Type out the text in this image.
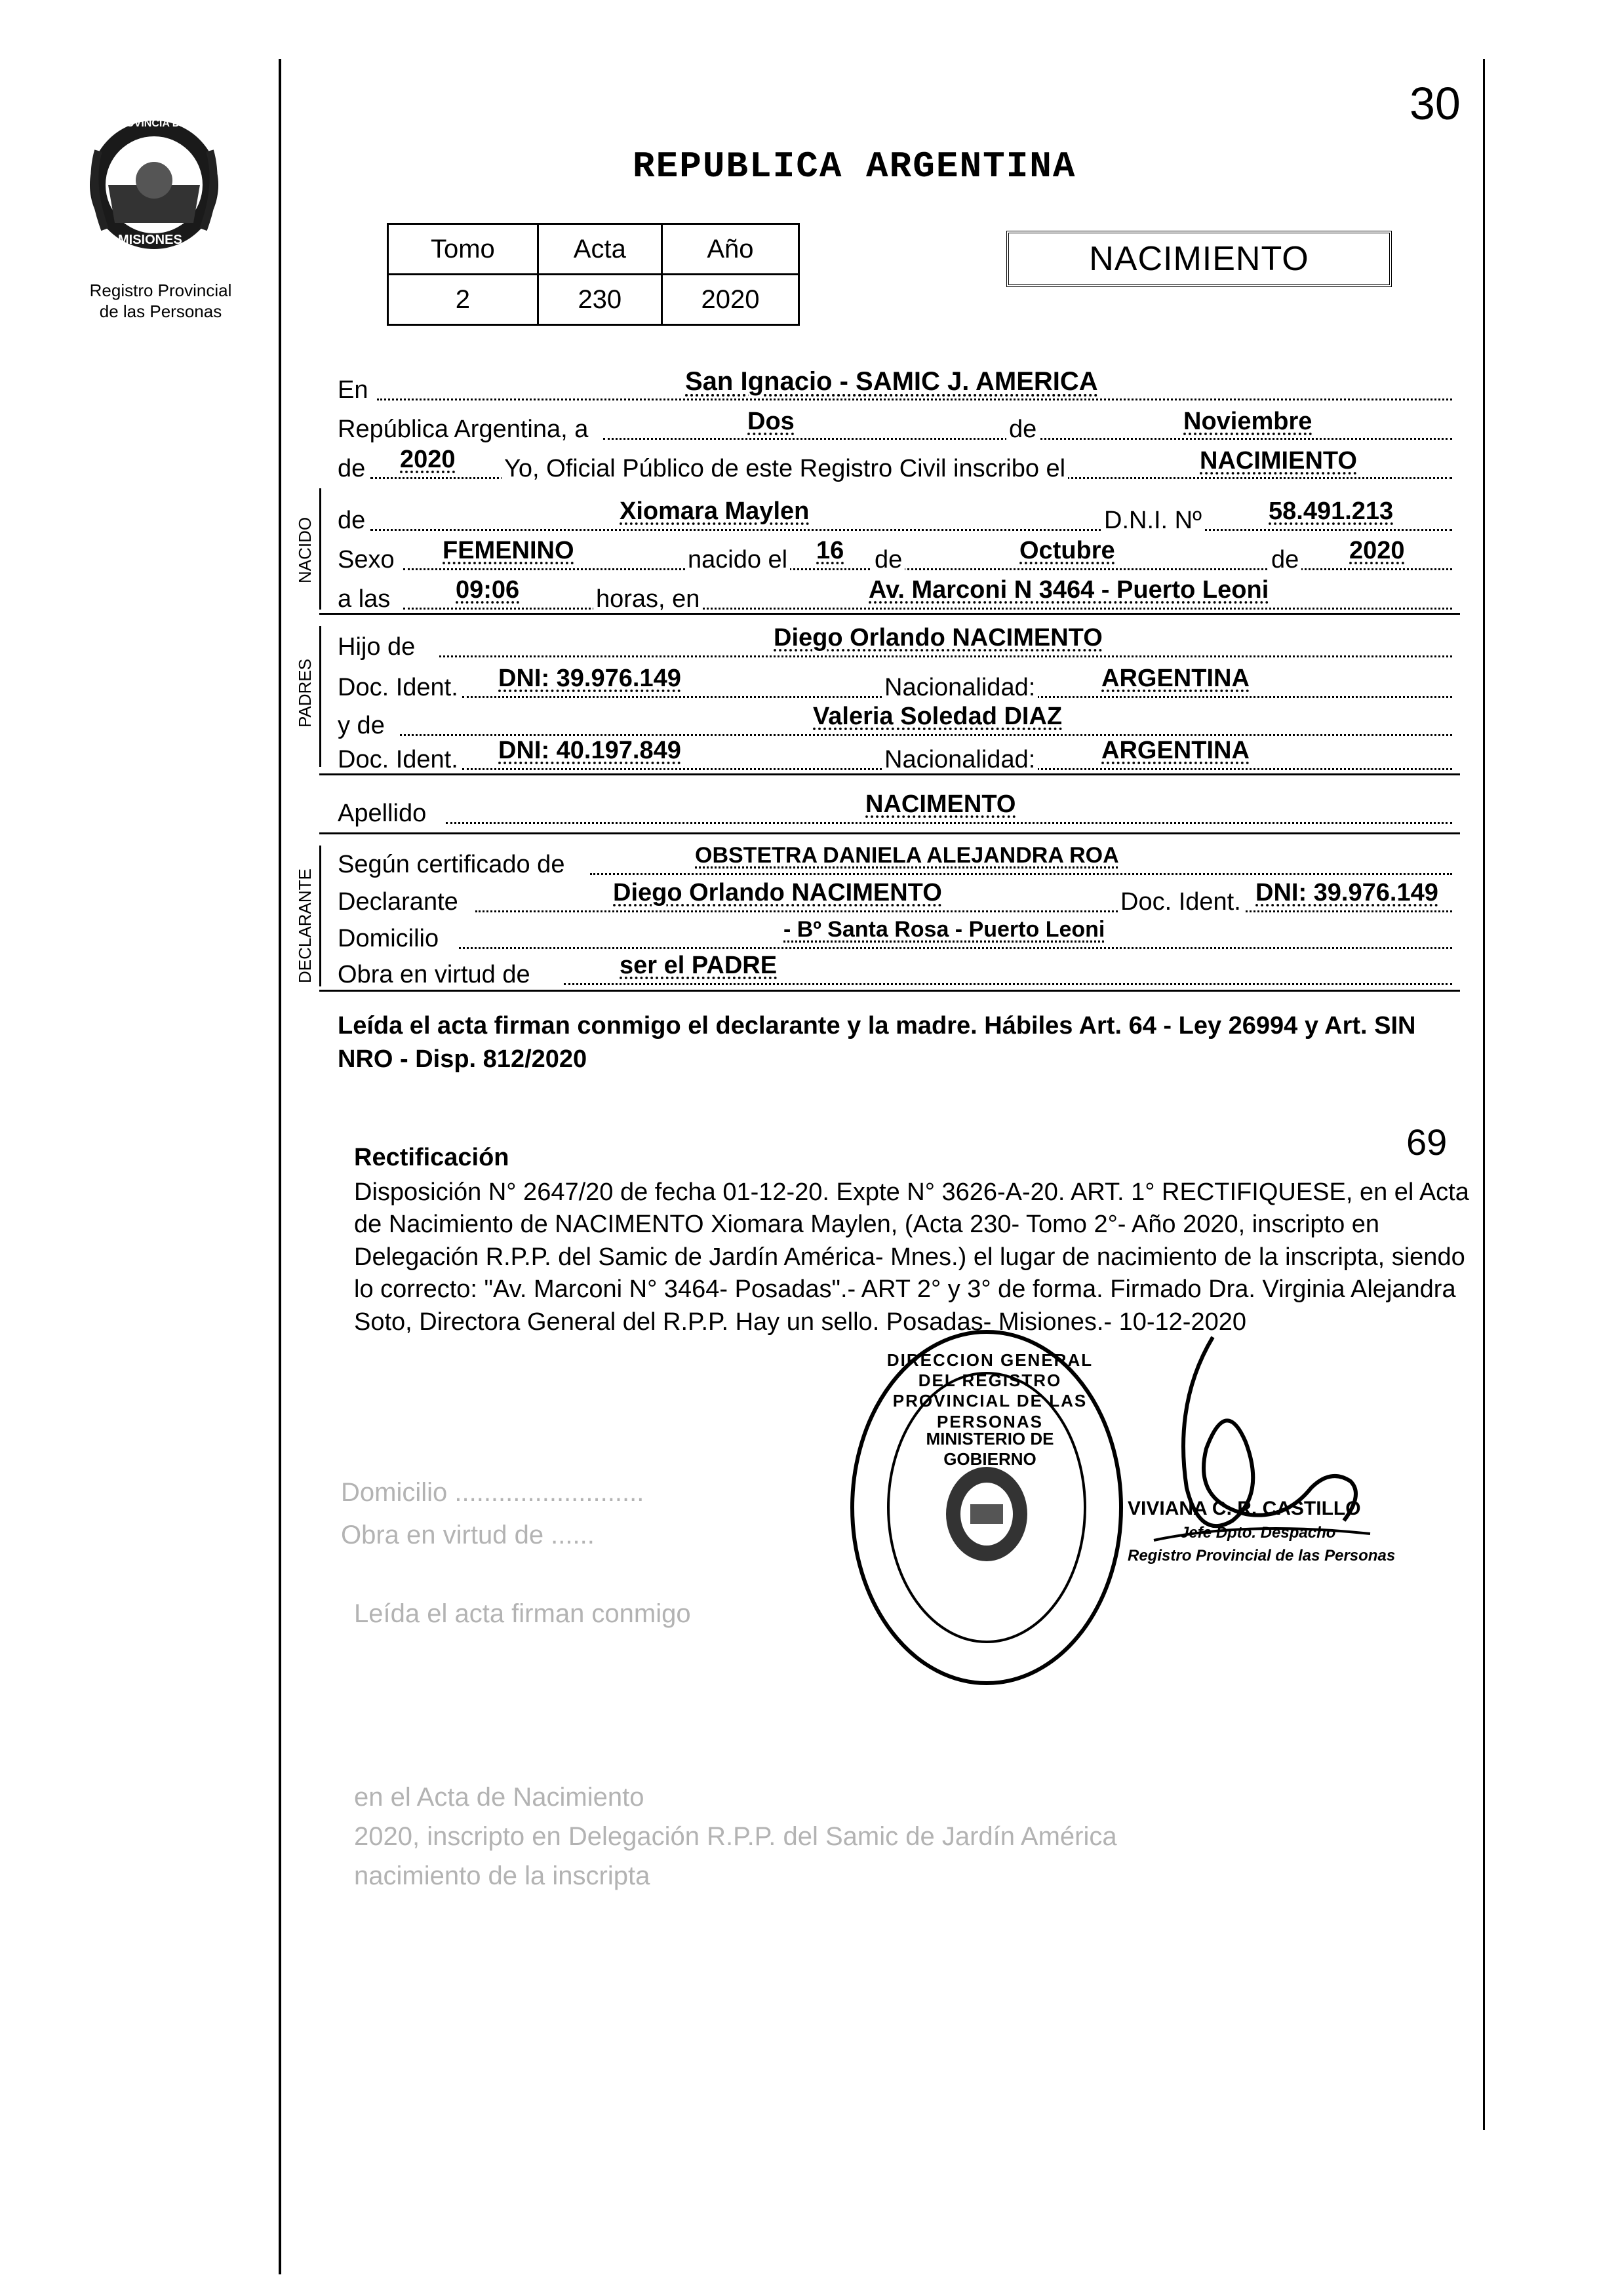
30
PROVINCIA DE
MISIONES
Registro Provincial
de las Personas
REPUBLICA ARGENTINA
Tomo	Acta	Año
2	230	2020
NACIMIENTO
NACIDO
PADRES
DECLARANTE
En	San Ignacio - SAMIC J. AMERICA
República Argentina, a	Dos	de	Noviembre
de 2020 Yo, Oficial Público de este Registro Civil inscribo el	NACIMIENTO
de	Xiomara Maylen	D.N.I. Nº	58.491.213
Sexo FEMENINO	nacido el 16 de	Octubre	de 2020
a las	09:06	horas, en	Av. Marconi N 3464 - Puerto Leoni
Hijo de	Diego Orlando NACIMENTO
Doc. Ident. DNI: 39.976.149	Nacionalidad:	ARGENTINA
y de	Valeria Soledad DIAZ
Doc. Ident. DNI: 40.197.849	Nacionalidad:	ARGENTINA
Apellido	NACIMENTO
Según certificado de	OBSTETRA DANIELA ALEJANDRA ROA
Declarante	Diego Orlando NACIMENTO	Doc. Ident. DNI: 39.976.149
Domicilio	- Bº Santa Rosa - Puerto Leoni
Obra en virtud de	ser el PADRE
Leída el acta firman conmigo el declarante y la madre. Hábiles Art. 64 - Ley 26994 y Art. SIN NRO - Disp. 812/2020
69
Rectificación
Disposición N° 2647/20 de fecha 01-12-20. Expte N° 3626-A-20. ART. 1° RECTIFIQUESE, en el Acta de Nacimiento de NACIMENTO Xiomara Maylen, (Acta 230- Tomo 2°- Año 2020, inscripto en Delegación R.P.P. del Samic de Jardín América- Mnes.) el lugar de nacimiento de la inscripta, siendo lo correcto: "Av. Marconi N° 3464- Posadas".- ART 2° y 3° de forma. Firmado Dra. Virginia Alejandra Soto, Directora General del R.P.P. Hay un sello. Posadas- Misiones.- 10-12-2020
Domicilio ..........................
Obra en virtud de ......
Leída el acta firman conmigo
en el Acta de Nacimiento
2020, inscripto en Delegación R.P.P. del Samic de Jardín América
nacimiento de la inscripta
DIRECCION GENERAL DEL REGISTRO PROVINCIAL DE LAS PERSONAS
MINISTERIO DE GOBIERNO
VIVIANA C. R. CASTILLO
Jefe Dpto. Despacho
Registro Provincial de las Personas
